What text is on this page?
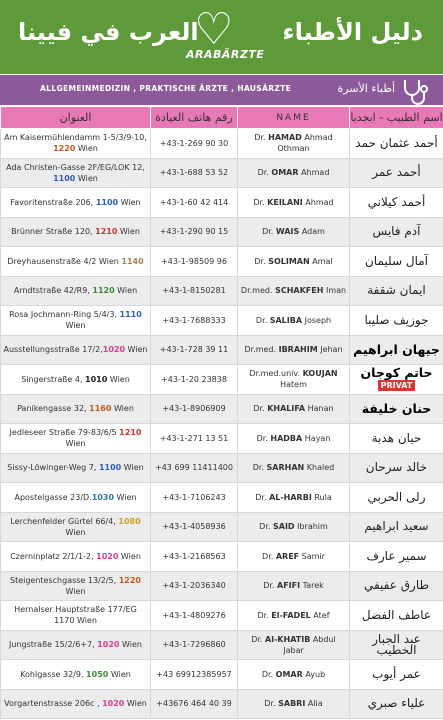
العرب في فيينا
♡
ARABÄRZTE
دليل الأطباء
ALLGEMEINMEDIZIN , PRAKTISCHE ÄRZTE , HAUSÄRZTE	أطباء الأسرة
العنوان	رقم هاتف العيادة	NAME	اسم الطبيب - ابجديا
Am Kaisermühlendamm 1-5/3/9-10, 1220 Wien	+43-1-269 90 30	Dr. HAMAD Ahmad Othman	أحمد عثمان حمد

Ada Christen-Gasse 2F/EG/LOK 12, 1100 Wien	+43-1-688 53 52	Dr. OMAR Ahmad	أحمد عمر

Favoritenstraße 206, 1100 Wien	+43-1-60 42 414	Dr. KEILANI Ahmad	أحمد كيلاني

Brünner Straße 120, 1210 Wien	+43-1-290 90 15	Dr. WAIS Adam	آدم فايس

Dreyhausenstraße 4/2 Wien 1140	+43-1-98509 96	Dr. SOLIMAN Amal	آمال سليمان

Arndtstraße 42/R9, 1120 Wien	+43-1-8150281	Dr.med. SCHAKFEH Iman	ايمان شقفة

Rosa Jochmann-Ring 5/4/3, 1110 Wien	+43-1-7688333	Dr. SALIBA Joseph	جوزيف صليبا

Ausstellungsstraße 17/2,1020 Wien	+43-1-728 39 11	Dr.med. IBRAHIM Jehan	جيهان ابراهيم

Singerstraße 4, 1010 Wien	+43-1-20 23838	Dr.med.univ. KOUJAN Hatem	حاتم كوجان
PRIVAT
Panikengasse 32, 1160 Wien	+43-1-8906909	Dr. KHALIFA Hanan	حنان خليفة

Jedleseer Straße 79-83/6/5 1210 Wien	+43-1-271 13 51	Dr. HADBA Hayan	حيان هدبة

Sissy-Löwinger-Weg 7, 1100 Wien	+43 699 11411400	Dr. SARHAN Khaled	خالد سرحان

Apostelgasse 23/D.1030 Wien	+43-1-7106243	Dr. AL-HARBI Rula	رلى الحربي

Lerchenfelder Gürtel 66/4, 1080 Wien	+43-1-4058936	Dr. SAID Ibrahim	سعيد ابراهيم

Czerninplatz 2/1/1-2, 1020 Wien	+43-1-2168563	Dr. AREF Samir	سمير عارف

Steigenteschgasse 13/2/5, 1220 Wien	+43-1-2036340	Dr. AFIFI Tarek	طارق عفيفي

Hernalser Hauptstraße 177/EG 1170 Wien	+43-1-4809276	Dr. El-FADEL Atef	عاطف الفضل

Jungstraße 15/2/6+7, 1020 Wien	+43-1-7296860	Dr. Al-KHATIB Abdul Jabar	عبد الجبار الخطيب

Kohlgasse 32/9, 1050 Wien	+43 69912385957	Dr. OMAR Ayub	عمر أيوب

Vorgartenstrasse 206c , 1020 Wien	+43676 464 40 39	Dr. SABRI Alia	علياء صبري
